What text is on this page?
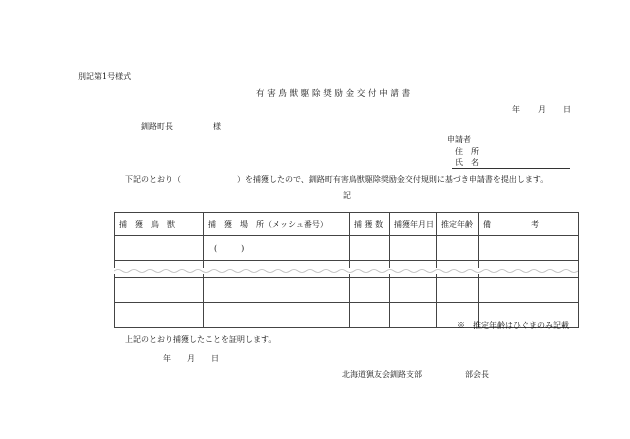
別記第1号様式
有 害 鳥 獣 駆 除 奨 励 金 交 付 申 請 書
年 月 日
釧路町長	様
申請者
住　所
氏　名
下記のとおり（　　　　　　　）を捕獲したので、釧路町有害鳥獣駆除奨励金交付規則に基づき申請書を提出します。
記
捕　獲　鳥　獣	捕　獲　場　所（メッシュ番号）	捕 獲 数	捕獲年月日	推定年齢	備　　　　　考
	(　　　)				

※　推定年齢はひぐまのみ記載
上記のとおり捕獲したことを証明します。
年 月 日
北海道猟友会釧路支部	部会長
